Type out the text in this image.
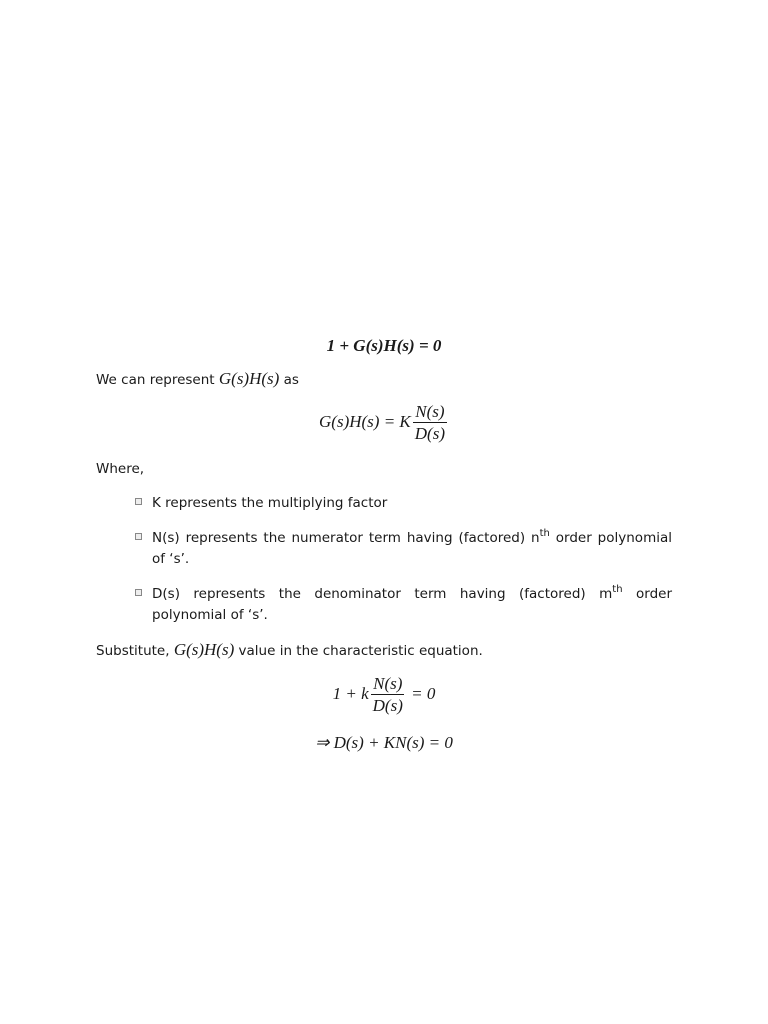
1 + G(s)H(s) = 0
We can represent G(s)H(s) as
G(s)H(s) = K $\frac{N(s)}{D(s)}$
Where,
K represents the multiplying factor
N(s) represents the numerator term having (factored) $n^{th}$ order polynomial of ‘s’.
D(s) represents the denominator term having (factored) $m^{th}$ order polynomial of ‘s’.
Substitute, G(s)H(s) value in the characteristic equation.
1 + k $\frac{N(s)}{D(s)} = 0$
⇒ D(s) + KN(s) = 0
